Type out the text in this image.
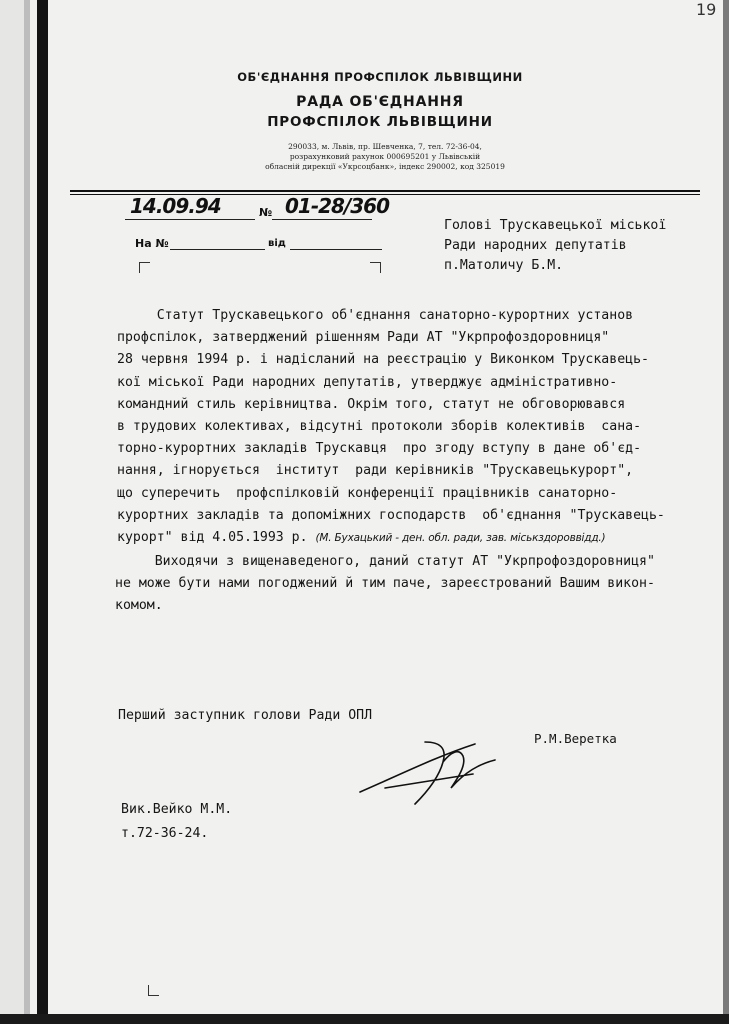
19
ОБ'ЄДНАННЯ ПРОФСПІЛОК ЛЬВІВЩИНИ
РАДА ОБ'ЄДНАННЯ
ПРОФСПІЛОК ЛЬВІВЩИНИ
290033, м. Львів, пр. Шевченка, 7, тел. 72-36-04,
розрахунковий рахунок 000695201 у Львівській
обласній дирекції «Укрсоцбанк», індекс 290002, код 325019
14.09.94	№ 01-28/360
На №	від
Голові Трускавецької міської
Ради народних депутатів
п.Матоличу Б.М.
Статут Трускавецького об'єднання санаторно-курортних установ
профспілок, затверджений рішенням Ради АТ "Укрпрофоздоровниця"
28 червня 1994 р. і надісланий на реєстрацію у Виконком Трускавець-
кої міської Ради народних депутатів, утверджує адміністративно-
командний стиль керівництва. Окрім того, статут не обговорювався
в трудових колективах, відсутні протоколи зборів колективів  сана-
торно-курортних закладів Трускавця  про згоду вступу в дане об'єд-
нання, ігнорується  інститут  ради керівників "Трускавецькурорт",
що суперечить  профспілковій конференції працівників санаторно-
курортних закладів та допоміжних господарств  об'єднання "Трускавець-
курорт" від 4.05.1993 р. (М. Бухацький - ден. обл. ради, зав. міськздороввідд.)
Виходячи з вищенаведеного, даний статут АТ "Укрпрофоздоровниця"
не може бути нами погоджений й тим паче, зареєстрований Вашим викон-
комом.
Перший заступник голови Ради ОПЛ
Р.М.Веретка
Вик.Вейко М.М.
т.72-36-24.
